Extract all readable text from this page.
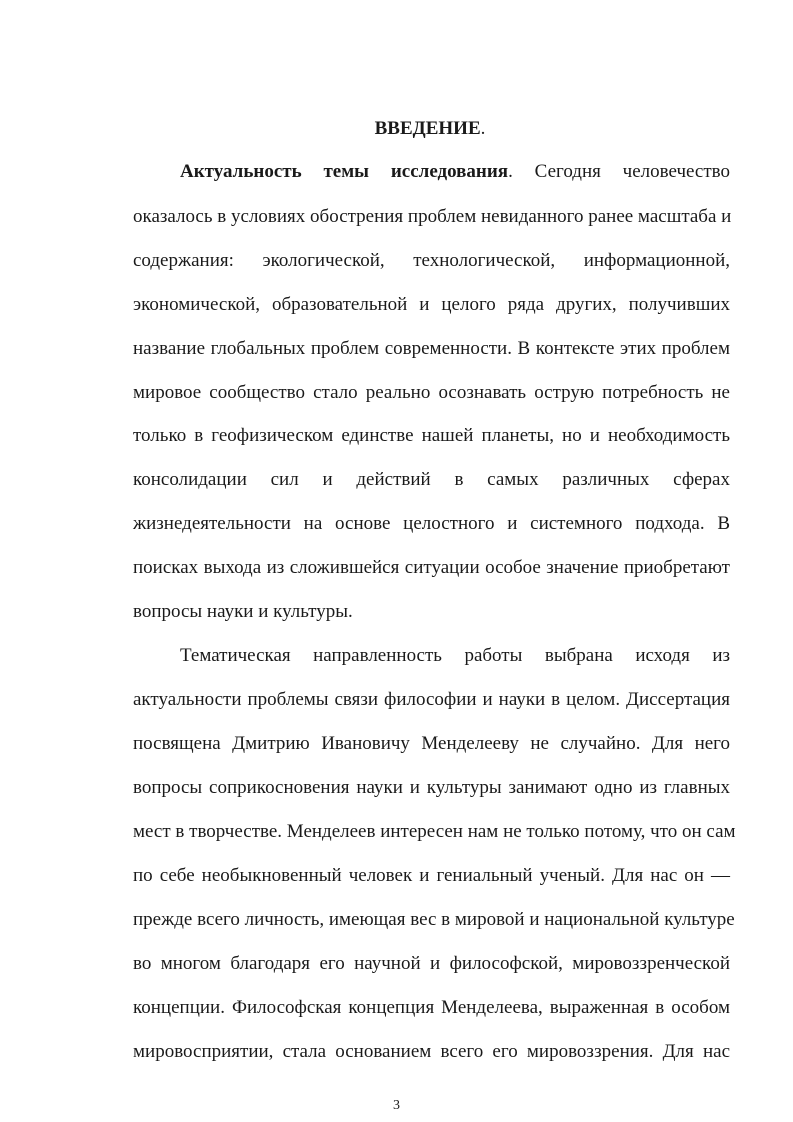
ВВЕДЕНИЕ.
Актуальность темы исследования. Сегодня человечество
оказалось в условиях обострения проблем невиданного ранее масштаба и
содержания: экологической, технологической, информационной,
экономической, образовательной и целого ряда других, получивших
название глобальных проблем современности. В контексте этих проблем
мировое сообщество стало реально осознавать острую потребность не
только в геофизическом единстве нашей планеты, но и необходимость
консолидации сил и действий в самых различных сферах
жизнедеятельности на основе целостного и системного подхода. В
поисках выхода из сложившейся ситуации особое значение приобретают
вопросы науки и культуры.
Тематическая направленность работы выбрана исходя из
актуальности проблемы связи философии и науки в целом. Диссертация
посвящена Дмитрию Ивановичу Менделееву не случайно. Для него
вопросы соприкосновения науки и культуры занимают одно из главных
мест в творчестве. Менделеев интересен нам не только потому, что он сам
по себе необыкновенный человек и гениальный ученый. Для нас он —
прежде всего личность, имеющая вес в мировой и национальной культуре
во многом благодаря его научной и философской, мировоззренческой
концепции. Философская концепция Менделеева, выраженная в особом
мировосприятии, стала основанием всего его мировоззрения. Для нас
3
